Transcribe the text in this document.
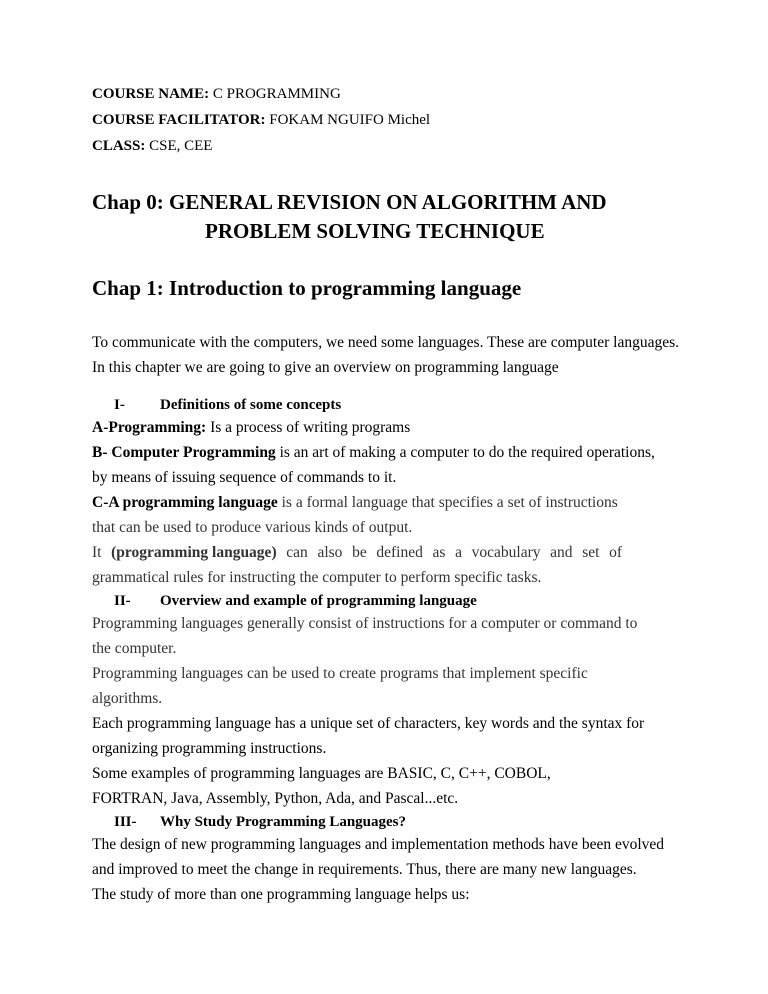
COURSE NAME: C PROGRAMMING
COURSE FACILITATOR: FOKAM NGUIFO Michel
CLASS: CSE, CEE
Chap 0: GENERAL REVISION ON ALGORITHM AND
PROBLEM SOLVING TECHNIQUE
Chap 1: Introduction to programming language
To communicate with the computers, we need some languages. These are computer languages.
In this chapter we are going to give an overview on programming language
I- Definitions of some concepts
A-Programming: Is a process of writing programs
B- Computer Programming is an art of making a computer to do the required operations,
by means of issuing sequence of commands to it.
C-A programming language is a formal language that specifies a set of instructions
that can be used to produce various kinds of output.
It (programming language) can also be defined as a vocabulary and set of
grammatical rules for instructing the computer to perform specific tasks.
II- Overview and example of programming language
Programming languages generally consist of instructions for a computer or command to
the computer.
Programming languages can be used to create programs that implement specific
algorithms.
Each programming language has a unique set of characters, key words and the syntax for
organizing programming instructions.
Some examples of programming languages are BASIC, C, C++, COBOL,
FORTRAN, Java, Assembly, Python, Ada, and Pascal...etc.
III- Why Study Programming Languages?
The design of new programming languages and implementation methods have been evolved
and improved to meet the change in requirements. Thus, there are many new languages.
The study of more than one programming language helps us:
